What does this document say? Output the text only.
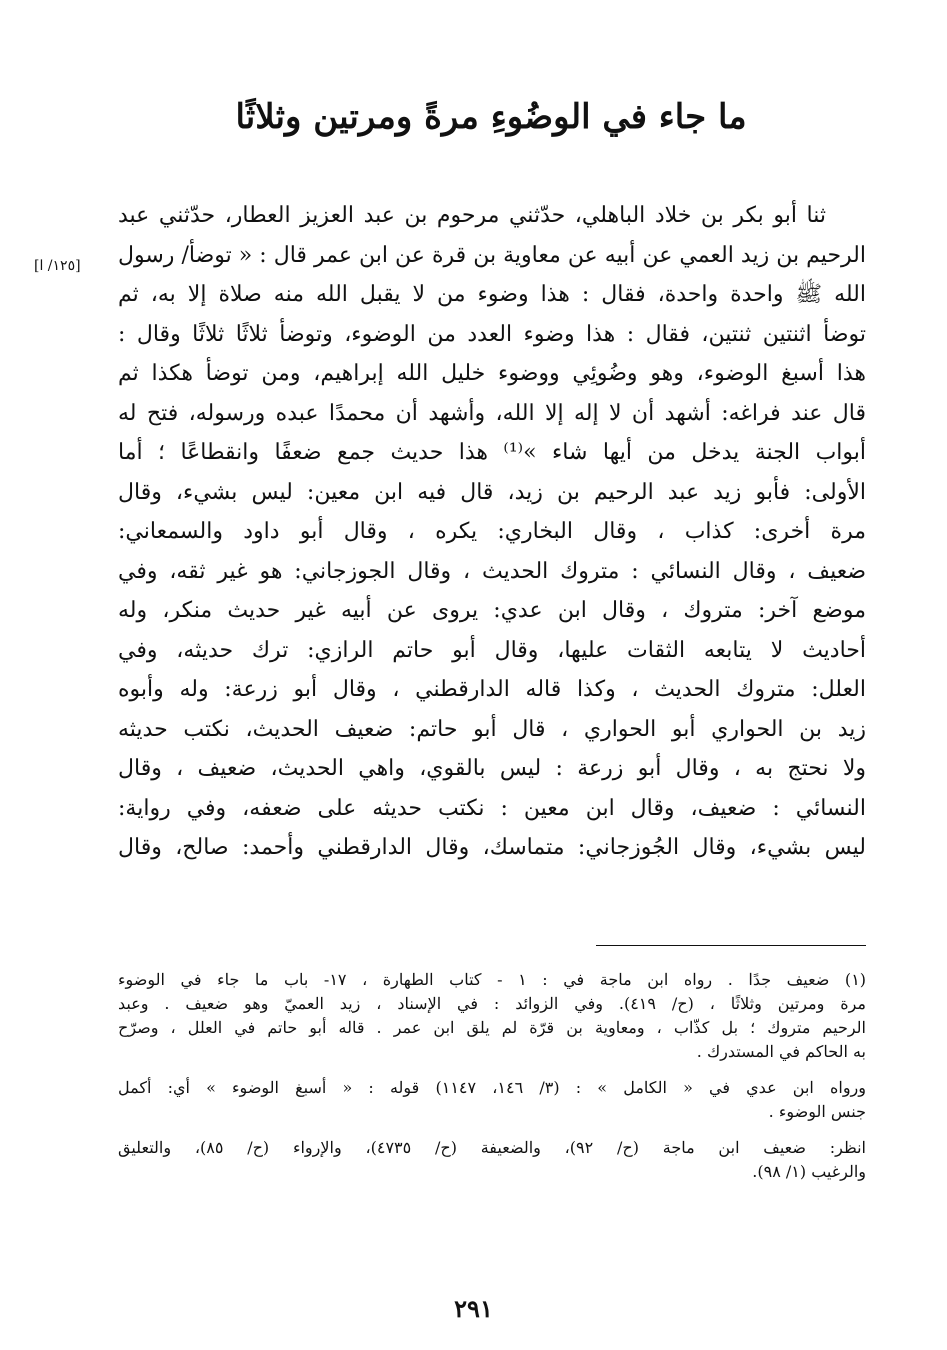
ما جاء في الوضُوءِ مرةً ومرتين وثلاثًا
[١٢٥/ ا]
ثنا أبو بكر بن خلاد الباهلي، حدّثني مرحوم بن عبد العزيز العطار، حدّثني عبد
الرحيم بن زيد العمي عن أبيه عن معاوية بن قرة عن ابن عمر قال : « توضأ/ رسول
الله ﷺ واحدة واحدة، فقال : هذا وضوء من لا يقبل الله منه صلاة إلا به، ثم
توضأ اثنتين ثنتين، فقال : هذا وضوء العدد من الوضوء، وتوضأ ثلاثًا ثلاثًا وقال :
هذا أسبغ الوضوء، وهو وضُوئِي ووضوء خليل الله إبراهيم، ومن توضأ هكذا ثم
قال عند فراغه: أشهد أن لا إله إلا الله، وأشهد أن محمدًا عبده ورسوله، فتح له
أبواب الجنة يدخل من أيها شاء »⁽¹⁾ هذا حديث جمع ضعفًا وانقطاعًا ؛ أما
الأولى: فأبو زيد عبد الرحيم بن زيد، قال فيه ابن معين: ليس بشيء، وقال
مرة أخرى: كذاب ، وقال البخاري: يكره ، وقال أبو داود والسمعاني:
ضعيف ، وقال النسائي : متروك الحديث ، وقال الجوزجاني: هو غير ثقه، وفي
موضع آخر: متروك ، وقال ابن عدي: يروى عن أبيه غير حديث منكر، وله
أحاديث لا يتابعه الثقات عليها، وقال أبو حاتم الرازي: ترك حديثه، وفي
العلل: متروك الحديث ، وكذا قاله الدارقطني ، وقال أبو زرعة: وله وأبوه
زيد بن الحواري أبو الحواري ، قال أبو حاتم: ضعيف الحديث، نكتب حديثه
ولا نحتج به ، وقال أبو زرعة : ليس بالقوي، واهي الحديث، ضعيف ، وقال
النسائي : ضعيف، وقال ابن معين : نكتب حديثه على ضعفه، وفي رواية:
ليس بشيء، وقال الجُوزجاني: متماسك، وقال الدارقطني وأحمد: صالح، وقال
(١) ضعيف جدًا . رواه ابن ماجة في : ١ - كتاب الطهارة ، ١٧- باب ما جاء في الوضوء
مرة ومرتين وثلاثًا ، (ح/ ٤١٩). وفي الزوائد : في الإسناد ، زيد العميّ وهو ضعيف . وعبد
الرحيم متروك ؛ بل كذّاب ، ومعاوية بن قرّة لم يلق ابن عمر . قاله أبو حاتم في العلل ، وصرّح
به الحاكم في المستدرك .
ورواه ابن عدي في « الكامل » : (٣/ ١٤٦، ١١٤٧) قوله : « أسبغ الوضوء » أي: أكمل
جنس الوضوء .
انظر: ضعيف ابن ماجة (ح/ ٩٢)، والضعيفة (ح/ ٤٧٣٥)، والإرواء (ح/ ٨٥)، والتعليق
والرغيب (١/ ٩٨).
٢٩١
